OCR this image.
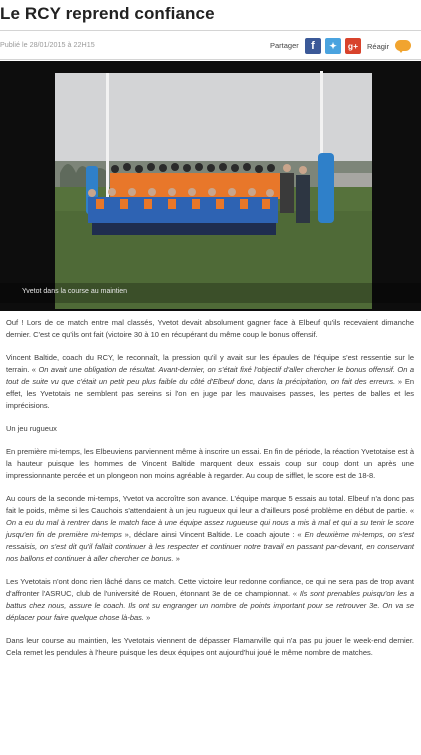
Le RCY reprend confiance
Publié le 28/01/2015 à 22H15	Partager	f	✦	g+	Réagir
Yvetot dans la course au maintien

Ouf ! Lors de ce match entre mal classés, Yvetot devait absolument gagner face à Elbeuf qu'ils recevaient dimanche dernier. C'est ce qu'ils ont fait (victoire 30 à 10 en récupérant du même coup le bonus offensif.

Vincent Baltide, coach du RCY, le reconnaît, la pression qu'il y avait sur les épaules de l'équipe s'est ressentie sur le terrain. « On avait une obligation de résultat. Avant-dernier, on s'était fixé l'objectif d'aller chercher le bonus offensif. On a tout de suite vu que c'était un petit peu plus faible du côté d'Elbeuf donc, dans la précipitation, on fait des erreurs. » En effet, les Yvetotais ne semblent pas sereins si l'on en juge par les mauvaises passes, les pertes de balles et les imprécisions.

Un jeu rugueux

En première mi-temps, les Elbeuviens parviennent même à inscrire un essai. En fin de période, la réaction Yvetotaise est à la hauteur puisque les hommes de Vincent Baltide marquent deux essais coup sur coup dont un après une impressionnante percée et un plongeon non moins agréable à regarder. Au coup de sifflet, le score est de 18-8.

Au cours de la seconde mi-temps, Yvetot va accroître son avance. L'équipe marque 5 essais au total. Elbeuf n'a donc pas fait le poids, même si les Cauchois s'attendaient à un jeu rugueux qui leur a d'ailleurs posé problème en début de partie. « On a eu du mal à rentrer dans le match face à une équipe assez rugueuse qui nous a mis à mal et qui a su tenir le score jusqu'en fin de première mi-temps », déclare ainsi Vincent Baltide. Le coach ajoute : « En deuxième mi-temps, on s'est ressaisis, on s'est dit qu'il fallait continuer à les respecter et continuer notre travail en passant par-devant, en conservant nos ballons et continuer à aller chercher ce bonus. »

Les Yvetotais n'ont donc rien lâché dans ce match. Cette victoire leur redonne confiance, ce qui ne sera pas de trop avant d'affronter l'ASRUC, club de l'université de Rouen, étonnant 3e de ce championnat. « Ils sont prenables puisqu'on les a battus chez nous, assure le coach. Ils ont su engranger un nombre de points important pour se retrouver 3e. On va se déplacer pour faire quelque chose là-bas. »

Dans leur course au maintien, les Yvetotais viennent de dépasser Flamanville qui n'a pas pu jouer le week-end dernier. Cela remet les pendules à l'heure puisque les deux équipes ont aujourd'hui joué le même nombre de matches.
